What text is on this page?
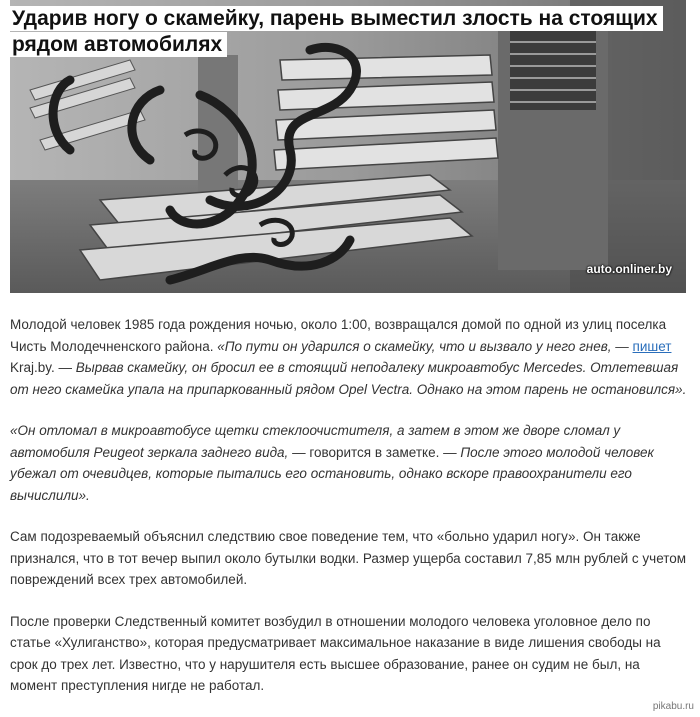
auto.onliner.by
Ударив ногу о скамейку, парень выместил злость на стоящих рядом автомобилях

Молодой человек 1985 года рождения ночью, около 1:00, возвращался домой по одной из улиц поселка Чисть Молодечненского района. «По пути он ударился о скамейку, что и вызвало у него гнев, — пишет Kraj.by. — Вырвав скамейку, он бросил ее в стоящий неподалеку микроавтобус Mercedes. Отлетевшая от него скамейка упала на припаркованный рядом Opel Vectra. Однако на этом парень не остановился».

«Он отломал в микроавтобусе щетки стеклоочистителя, а затем в этом же дворе сломал у автомобиля Peugeot зеркала заднего вида, — говорится в заметке. — После этого молодой человек убежал от очевидцев, которые пытались его остановить, однако вскоре правоохранители его вычислили».

Сам подозреваемый объяснил следствию свое поведение тем, что «больно ударил ногу». Он также признался, что в тот вечер выпил около бутылки водки. Размер ущерба составил 7,85 млн рублей с учетом повреждений всех трех автомобилей.

После проверки Следственный комитет возбудил в отношении молодого человека уголовное дело по статье «Хулиганство», которая предусматривает максимальное наказание в виде лишения свободы на срок до трех лет. Известно, что у нарушителя есть высшее образование, ранее он судим не был, на момент преступления нигде не работал.

pikabu.ru
